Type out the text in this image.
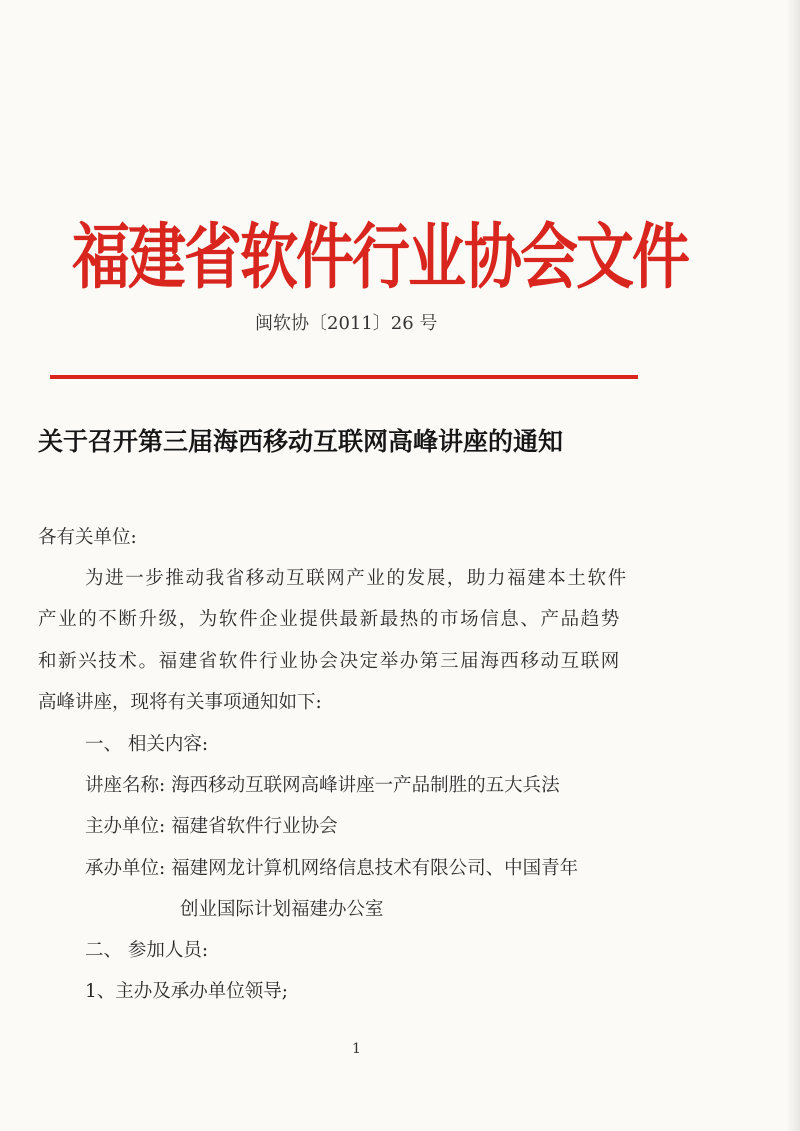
福建省软件行业协会文件
闽软协〔2011〕26 号
关于召开第三届海西移动互联网高峰讲座的通知
各有关单位:
为进一步推动我省移动互联网产业的发展，助力福建本土软件
产业的不断升级，为软件企业提供最新最热的市场信息、产品趋势
和新兴技术。福建省软件行业协会决定举办第三届海西移动互联网
高峰讲座，现将有关事项通知如下:
一、 相关内容:
讲座名称: 海西移动互联网高峰讲座一产品制胜的五大兵法
主办单位: 福建省软件行业协会
承办单位: 福建网龙计算机网络信息技术有限公司、中国青年
创业国际计划福建办公室
二、 参加人员:
1、主办及承办单位领导;
1
